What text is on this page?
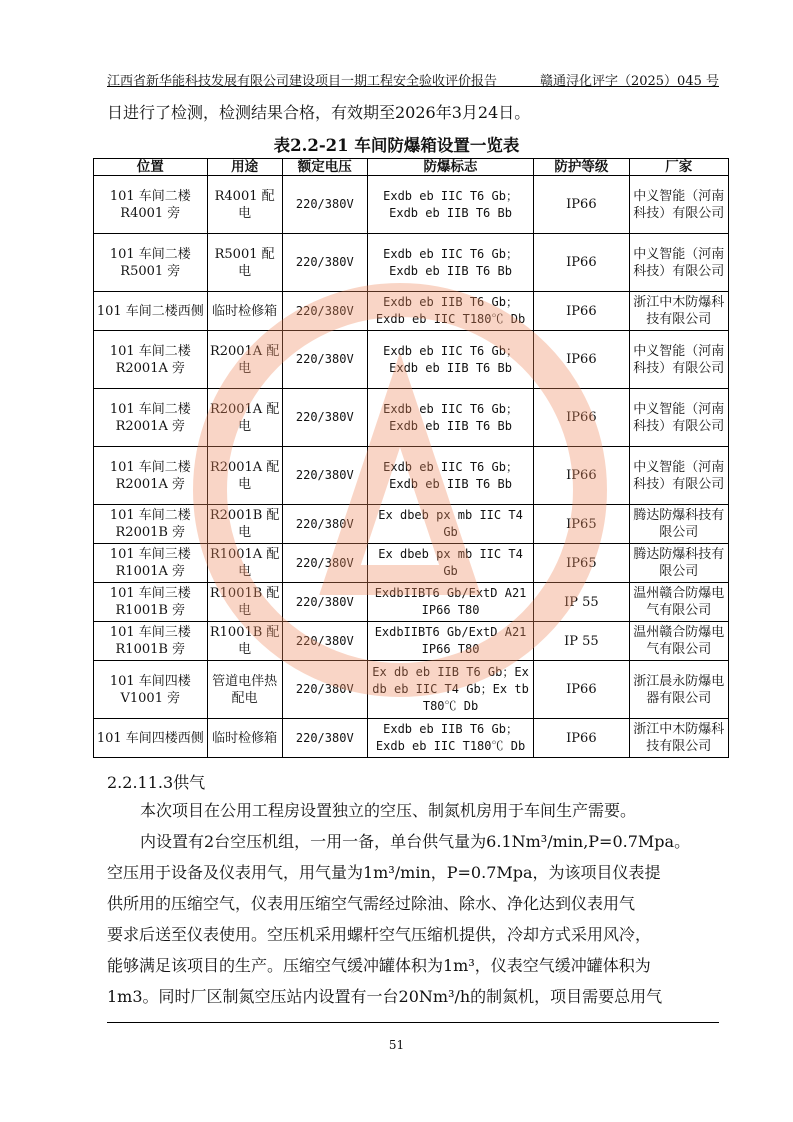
江西省新华能科技发展有限公司建设项目一期工程安全验收评价报告	赣通浔化评字（2025）045 号
日进行了检测，检测结果合格，有效期至2026年3月24日。
表2.2-21 车间防爆箱设置一览表
位置	用途	额定电压	防爆标志	防护等级	厂家
101 车间二楼 R4001 旁	R4001 配电	220/380V	Exdb eb IIC T6 Gb；Exdb eb IIB T6 Bb	IP66	中义智能（河南科技）有限公司
101 车间二楼 R5001 旁	R5001 配电	220/380V	Exdb eb IIC T6 Gb；Exdb eb IIB T6 Bb	IP66	中义智能（河南科技）有限公司
101 车间二楼西侧	临时检修箱	220/380V	Exdb eb IIB T6 Gb；Exdb eb IIC T180℃ Db	IP66	浙江中木防爆科技有限公司
101 车间二楼 R2001A 旁	R2001A 配电	220/380V	Exdb eb IIC T6 Gb；Exdb eb IIB T6 Bb	IP66	中义智能（河南科技）有限公司
101 车间二楼 R2001A 旁	R2001A 配电	220/380V	Exdb eb IIC T6 Gb；Exdb eb IIB T6 Bb	IP66	中义智能（河南科技）有限公司
101 车间二楼 R2001A 旁	R2001A 配电	220/380V	Exdb eb IIC T6 Gb；Exdb eb IIB T6 Bb	IP66	中义智能（河南科技）有限公司
101 车间二楼 R2001B 旁	R2001B 配电	220/380V	Ex dbeb px mb IIC T4 Gb	IP65	腾达防爆科技有限公司
101 车间三楼 R1001A 旁	R1001A 配电	220/380V	Ex dbeb px mb IIC T4 Gb	IP65	腾达防爆科技有限公司
101 车间三楼 R1001B 旁	R1001B 配电	220/380V	ExdbIIBT6 Gb/ExtD A21 IP66 T80	IP 55	温州赣合防爆电气有限公司
101 车间三楼 R1001B 旁	R1001B 配电	220/380V	ExdbIIBT6 Gb/ExtD A21 IP66 T80	IP 55	温州赣合防爆电气有限公司
101 车间四楼 V1001 旁	管道电伴热配电	220/380V	Ex db eb IIB T6 Gb；Ex db eb IIC T4 Gb；Ex tb T80℃ Db	IP66	浙江晨永防爆电器有限公司
101 车间四楼西侧	临时检修箱	220/380V	Exdb eb IIB T6 Gb；Exdb eb IIC T180℃ Db	IP66	浙江中木防爆科技有限公司
2.2.11.3供气
本次项目在公用工程房设置独立的空压、制氮机房用于车间生产需要。
内设置有2台空压机组，一用一备，单台供气量为6.1Nm³/min,P=0.7Mpa。
空压用于设备及仪表用气，用气量为1m³/min，P=0.7Mpa，为该项目仪表提
供所用的压缩空气，仪表用压缩空气需经过除油、除水、净化达到仪表用气
要求后送至仪表使用。空压机采用螺杆空气压缩机提供，冷却方式采用风冷，
能够满足该项目的生产。压缩空气缓冲罐体积为1m³，仪表空气缓冲罐体积为
1m3。同时厂区制氮空压站内设置有一台20Nm³/h的制氮机，项目需要总用气
51
